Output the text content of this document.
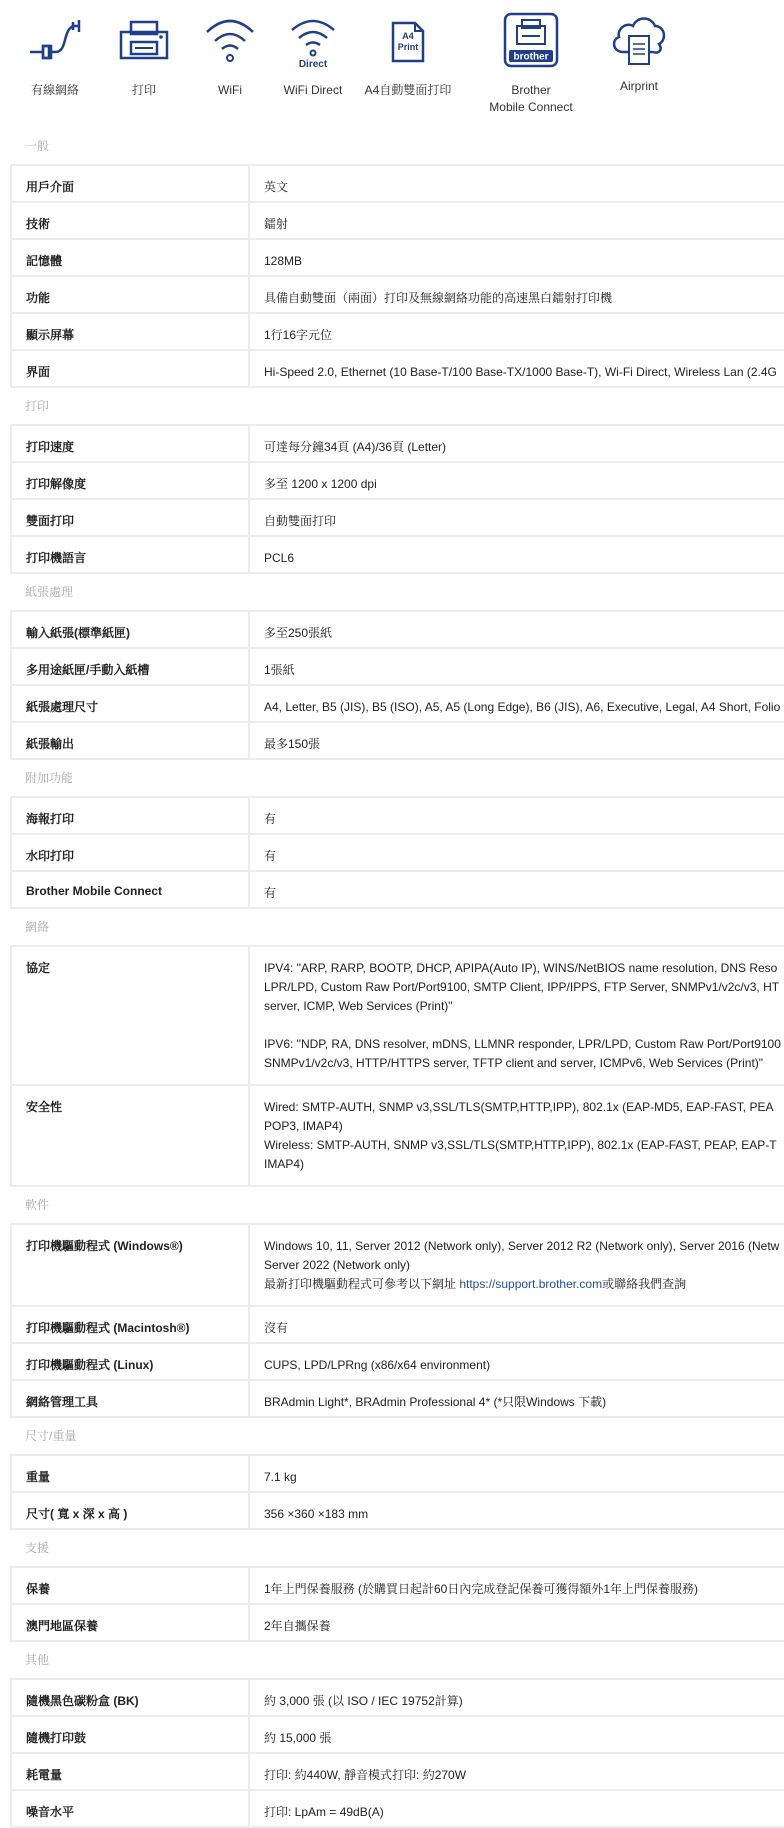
有線網絡	打印	WiFi
Direct
WiFi Direct
A4
Print
A4自動雙面打印
brother
Brother
Mobile Connect
Airprint
一般
用戶介面	英文
技術	鐳射
記憶體	128MB
功能	具備自動雙面（兩面）打印及無線網絡功能的高速黑白鐳射打印機
顯示屏幕	1行16字元位
界面	Hi-Speed 2.0, Ethernet (10 Base-T/100 Base-TX/1000 Base-T), Wi-Fi Direct, Wireless Lan (2.4G
打印
打印速度	可達每分鐘34頁 (A4)/36頁 (Letter)
打印解像度	多至 1200 x 1200 dpi
雙面打印	自動雙面打印
打印機語言	PCL6
紙張處理
輸入紙張(標準紙匣)	多至250張紙
多用途紙匣/手動入紙槽	1張紙
紙張處理尺寸	A4, Letter, B5 (JIS), B5 (ISO), A5, A5 (Long Edge), B6 (JIS), A6, Executive, Legal, A4 Short, Folio
紙張輸出	最多150張
附加功能
海報打印	有
水印打印	有
Brother Mobile Connect	有
網絡
協定	IPV4: "ARP, RARP, BOOTP, DHCP, APIPA(Auto IP), WINS/NetBIOS name resolution, DNS Reso
LPR/LPD, Custom Raw Port/Port9100, SMTP Client, IPP/IPPS, FTP Server, SNMPv1/v2c/v3, HT
server, ICMP, Web Services (Print)"

IPV6: "NDP, RA, DNS resolver, mDNS, LLMNR responder, LPR/LPD, Custom Raw Port/Port9100
SNMPv1/v2c/v3, HTTP/HTTPS server, TFTP client and server, ICMPv6, Web Services (Print)"
安全性	Wired: SMTP-AUTH, SNMP v3,SSL/TLS(SMTP,HTTP,IPP), 802.1x (EAP-MD5, EAP-FAST, PEA
POP3, IMAP4)
Wireless: SMTP-AUTH, SNMP v3,SSL/TLS(SMTP,HTTP,IPP), 802.1x (EAP-FAST, PEAP, EAP-T
IMAP4)
軟件
打印機驅動程式 (Windows®)	Windows 10, 11, Server 2012 (Network only), Server 2012 R2 (Network only), Server 2016 (Netw
Server 2022 (Network only)
最新打印機驅動程式可參考以下網址 https://support.brother.com或聯絡我們查詢
打印機驅動程式 (Macintosh®)	沒有
打印機驅動程式 (Linux)	CUPS, LPD/LPRng (x86/x64 environment)
網絡管理工具	BRAdmin Light*, BRAdmin Professional 4* (*只限Windows 下載)
尺寸/重量
重量	7.1 kg
尺寸( 寬 x 深 x 高 )	356 ×360 ×183 mm
支援
保養	1年上門保養服務 (於購買日起計60日內完成登記保養可獲得額外1年上門保養服務)
澳門地區保養	2年自攜保養
其他
隨機黑色碳粉盒 (BK)	約 3,000 張 (以 ISO / IEC 19752計算)
隨機打印鼓	約 15,000 張
耗電量	打印: 約440W, 靜音模式打印: 約270W
噪音水平	打印: LpAm = 49dB(A)
